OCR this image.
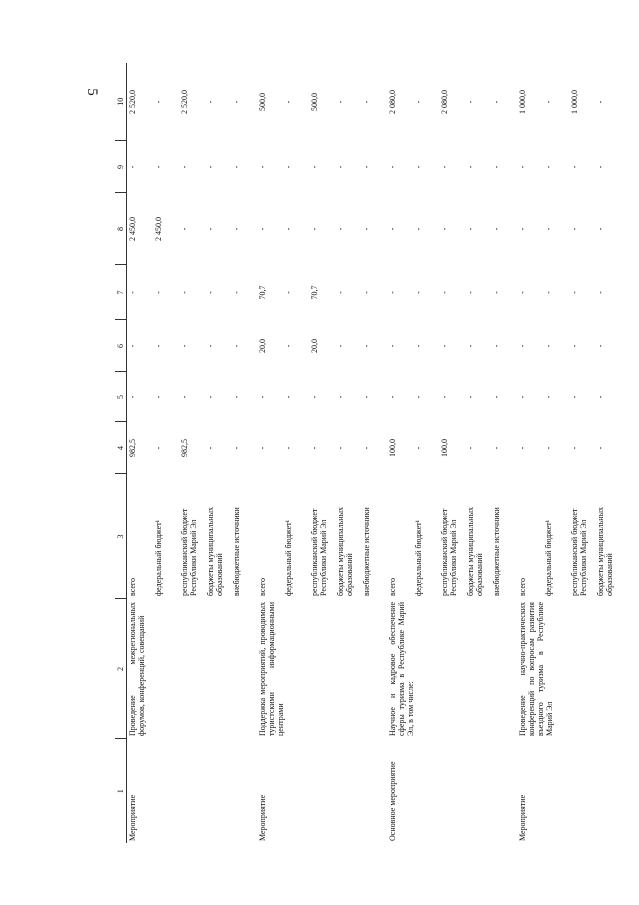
5
1	2	3	4	5	6	7	8	9	10
Мероприятие	Проведение межрегиональных форумов, конференций, совещаний	всего	982,5	-	-	-	2 450,0	-	2 520,0
		федеральный бюджет¹	-	-	-	-	2 450,0	-	-
		республиканский бюджет Республики Марий Эл	982,5	-	-	-	-	-	2 520,0
		бюджеты муниципальных образований	-	-	-	-	-	-	-
		внебюджетные источники	-	-	-	-	-	-	-
Мероприятие	Поддержка мероприятий, проводимых туристскими информационными центрами	всего	-	-	20,0	70,7	-	-	500,0
		федеральный бюджет¹	-	-	-	-	-	-	-
		республиканский бюджет Республики Марий Эл	-	-	20,0	70,7	-	-	500,0
		бюджеты муниципальных образований	-	-	-	-	-	-	-
		внебюджетные источники	-	-	-	-	-	-	-
Основное мероприятие	Научное и кадровое обеспечение сферы туризма в Республике Марий Эл, в том числе:	всего	100,0	-	-	-	-	-	2 080,0
		федеральный бюджет¹	-	-	-	-	-	-	-
		республиканский бюджет Республики Марий Эл	100,0	-	-	-	-	-	2 080,0
		бюджеты муниципальных образований	-	-	-	-	-	-	-
		внебюджетные источники	-	-	-	-	-	-	-
Мероприятие	Проведение научно-практических конференций по вопросам развития въездного туризма в Республике Марий Эл	всего	-	-	-	-	-	-	1 000,0
		федеральный бюджет¹	-	-	-	-	-	-	-
		республиканский бюджет Республики Марий Эл	-	-	-	-	-	-	1 000,0
		бюджеты муниципальных образований	-	-	-	-	-	-	-
